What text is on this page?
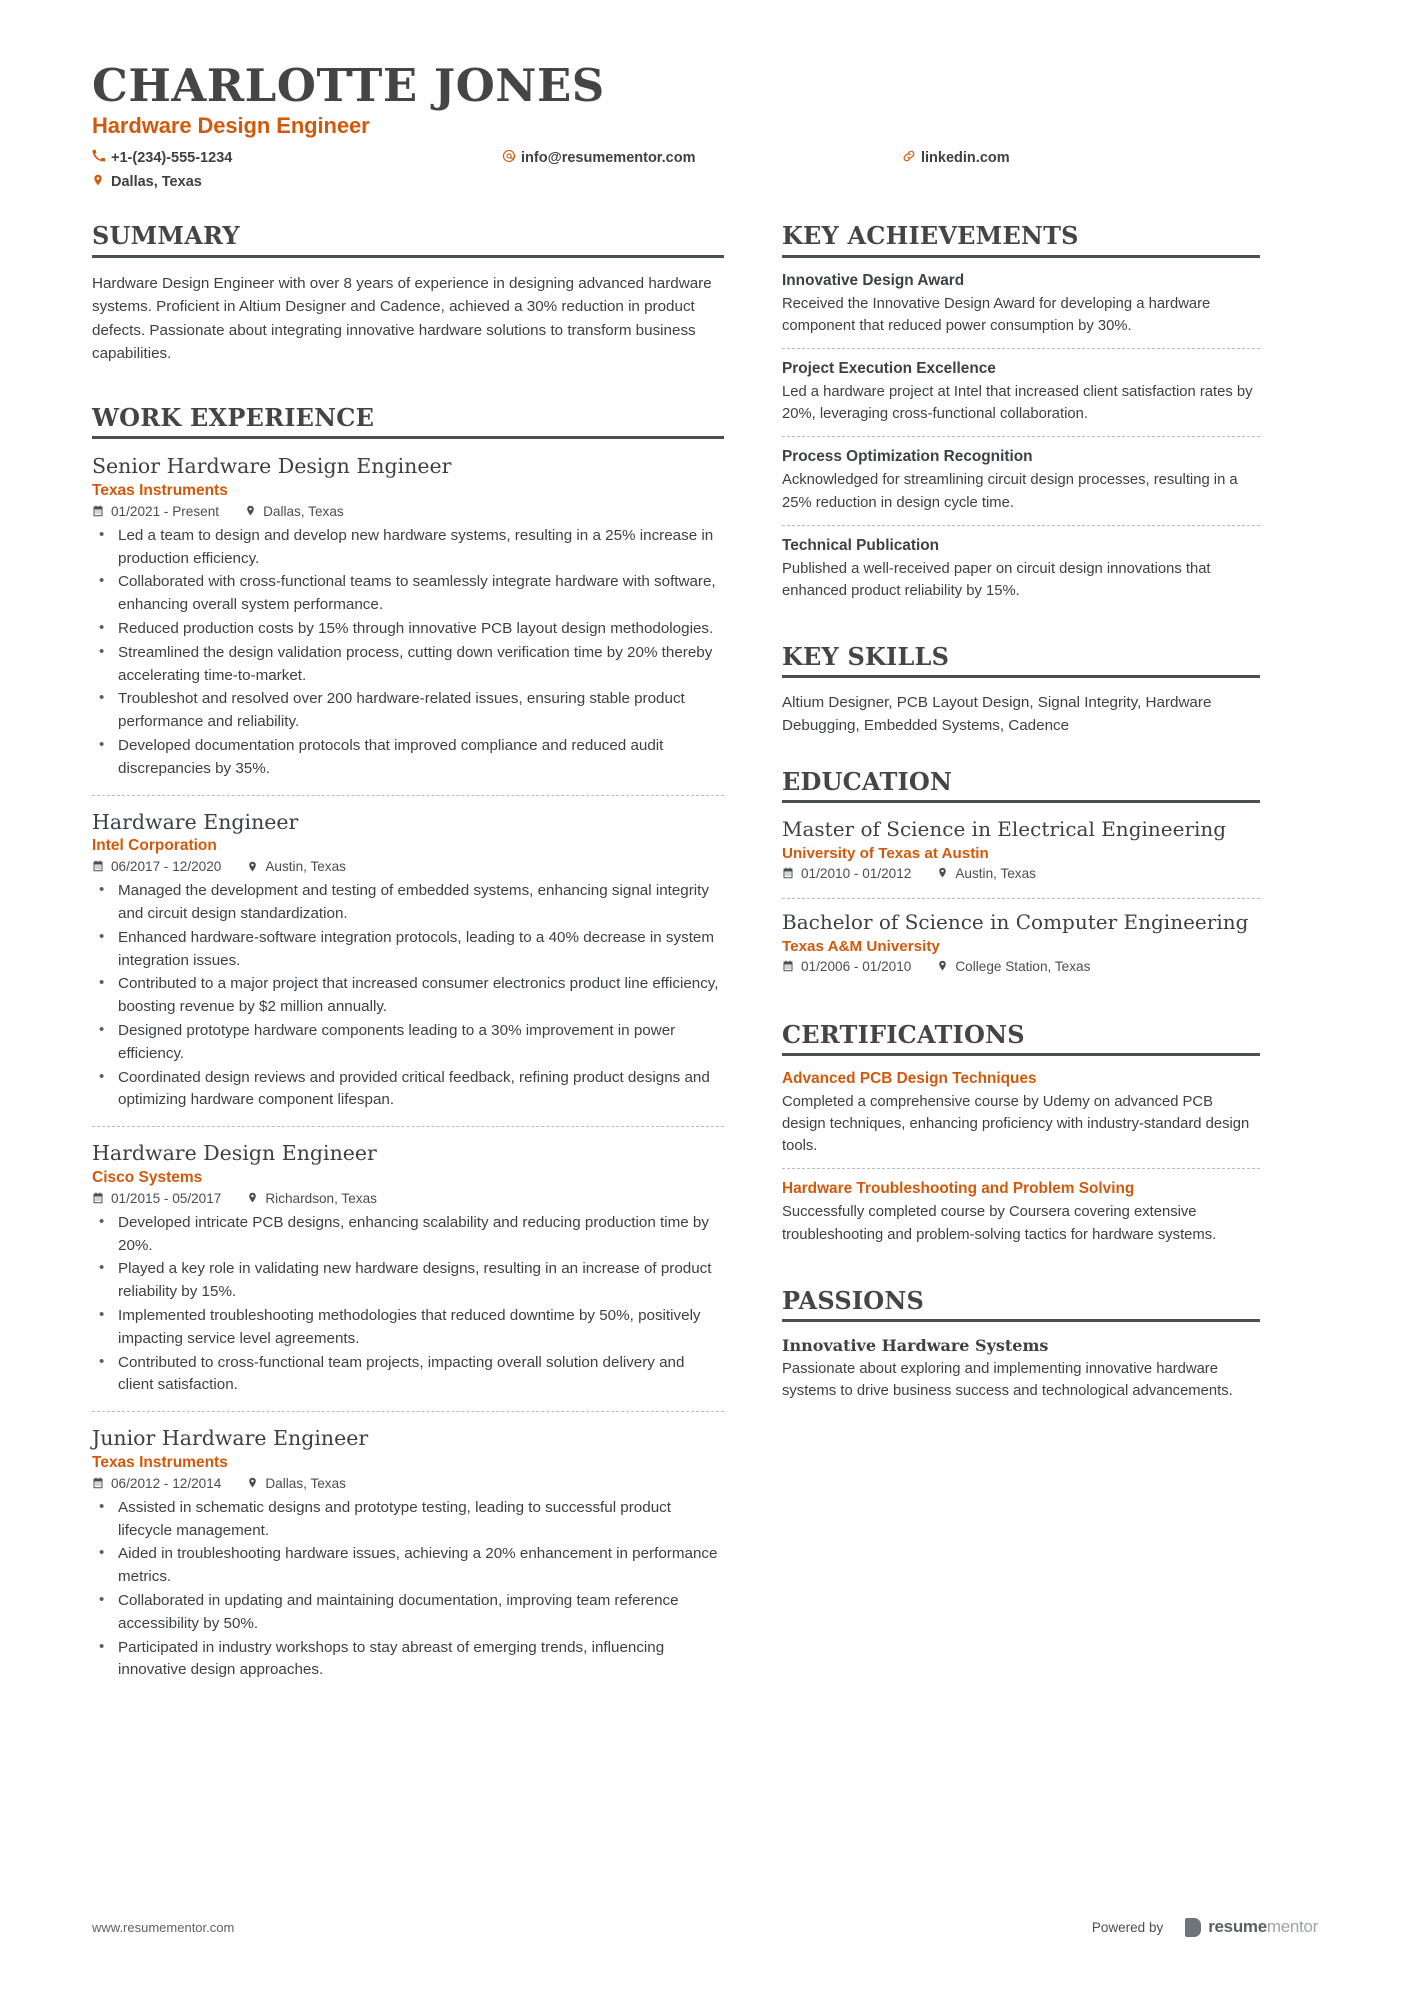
CHARLOTTE JONES
Hardware Design Engineer
+1-(234)-555-1234	info@resumementor.com	linkedin.com
Dallas, Texas
SUMMARY
Hardware Design Engineer with over 8 years of experience in designing advanced hardware systems. Proficient in Altium Designer and Cadence, achieved a 30% reduction in product defects. Passionate about integrating innovative hardware solutions to transform business capabilities.
WORK EXPERIENCE
Senior Hardware Design Engineer
Texas Instruments
01/2021 - Present	Dallas, Texas
• Led a team to design and develop new hardware systems, resulting in a 25% increase in production efficiency.
• Collaborated with cross-functional teams to seamlessly integrate hardware with software, enhancing overall system performance.
• Reduced production costs by 15% through innovative PCB layout design methodologies.
• Streamlined the design validation process, cutting down verification time by 20% thereby accelerating time-to-market.
• Troubleshot and resolved over 200 hardware-related issues, ensuring stable product performance and reliability.
• Developed documentation protocols that improved compliance and reduced audit discrepancies by 35%.
Hardware Engineer
Intel Corporation
06/2017 - 12/2020	Austin, Texas
• Managed the development and testing of embedded systems, enhancing signal integrity and circuit design standardization.
• Enhanced hardware-software integration protocols, leading to a 40% decrease in system integration issues.
• Contributed to a major project that increased consumer electronics product line efficiency, boosting revenue by $2 million annually.
• Designed prototype hardware components leading to a 30% improvement in power efficiency.
• Coordinated design reviews and provided critical feedback, refining product designs and optimizing hardware component lifespan.
Hardware Design Engineer
Cisco Systems
01/2015 - 05/2017	Richardson, Texas
• Developed intricate PCB designs, enhancing scalability and reducing production time by 20%.
• Played a key role in validating new hardware designs, resulting in an increase of product reliability by 15%.
• Implemented troubleshooting methodologies that reduced downtime by 50%, positively impacting service level agreements.
• Contributed to cross-functional team projects, impacting overall solution delivery and client satisfaction.
Junior Hardware Engineer
Texas Instruments
06/2012 - 12/2014	Dallas, Texas
• Assisted in schematic designs and prototype testing, leading to successful product lifecycle management.
• Aided in troubleshooting hardware issues, achieving a 20% enhancement in performance metrics.
• Collaborated in updating and maintaining documentation, improving team reference accessibility by 50%.
• Participated in industry workshops to stay abreast of emerging trends, influencing innovative design approaches.
KEY ACHIEVEMENTS
Innovative Design Award
Received the Innovative Design Award for developing a hardware component that reduced power consumption by 30%.
Project Execution Excellence
Led a hardware project at Intel that increased client satisfaction rates by 20%, leveraging cross-functional collaboration.
Process Optimization Recognition
Acknowledged for streamlining circuit design processes, resulting in a 25% reduction in design cycle time.
Technical Publication
Published a well-received paper on circuit design innovations that enhanced product reliability by 15%.
KEY SKILLS
Altium Designer, PCB Layout Design, Signal Integrity, Hardware Debugging, Embedded Systems, Cadence
EDUCATION
Master of Science in Electrical Engineering
University of Texas at Austin
01/2010 - 01/2012	Austin, Texas
Bachelor of Science in Computer Engineering
Texas A&M University
01/2006 - 01/2010	College Station, Texas
CERTIFICATIONS
Advanced PCB Design Techniques
Completed a comprehensive course by Udemy on advanced PCB design techniques, enhancing proficiency with industry-standard design tools.
Hardware Troubleshooting and Problem Solving
Successfully completed course by Coursera covering extensive troubleshooting and problem-solving tactics for hardware systems.
PASSIONS
Innovative Hardware Systems
Passionate about exploring and implementing innovative hardware systems to drive business success and technological advancements.
www.resumementor.com	Powered by	resume mentor
